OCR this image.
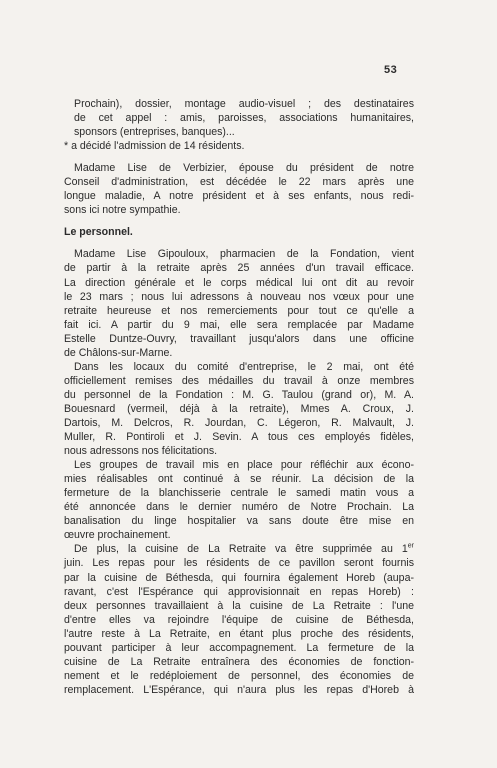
53
Prochain), dossier, montage audio-visuel ; des destinataires
de cet appel : amis, paroisses, associations humanitaires,
sponsors (entreprises, banques)...
* a décidé l'admission de 14 résidents.
Madame Lise de Verbizier, épouse du président de notre
Conseil d'administration, est décédée le 22 mars après une
longue maladie, A notre président et à ses enfants, nous redi-
sons ici notre sympathie.
Le personnel.
Madame Lise Gipouloux, pharmacien de la Fondation, vient
de partir à la retraite après 25 années d'un travail efficace.
La direction générale et le corps médical lui ont dit au revoir
le 23 mars ; nous lui adressons à nouveau nos vœux pour une
retraite heureuse et nos remerciements pour tout ce qu'elle a
fait ici. A partir du 9 mai, elle sera remplacée par Madame
Estelle Duntze-Ouvry, travaillant jusqu'alors dans une officine
de Châlons-sur-Marne.
Dans les locaux du comité d'entreprise, le 2 mai, ont été
officiellement remises des médailles du travail à onze membres
du personnel de la Fondation : M. G. Taulou (grand or), M. A.
Bouesnard (vermeil, déjà à la retraite), Mmes A. Croux, J.
Dartois, M. Delcros, R. Jourdan, C. Légeron, R. Malvault, J.
Muller, R. Pontiroli et J. Sevin. A tous ces employés fidèles,
nous adressons nos félicitations.
Les groupes de travail mis en place pour réfléchir aux écono-
mies réalisables ont continué à se réunir. La décision de la
fermeture de la blanchisserie centrale le samedi matin vous a
été annoncée dans le dernier numéro de Notre Prochain. La
banalisation du linge hospitalier va sans doute être mise en
œuvre prochainement.
De plus, la cuisine de La Retraite va être supprimée au 1er
juin. Les repas pour les résidents de ce pavillon seront fournis
par la cuisine de Béthesda, qui fournira également Horeb (aupa-
ravant, c'est l'Espérance qui approvisionnait en repas Horeb) :
deux personnes travaillaient à la cuisine de La Retraite : l'une
d'entre elles va rejoindre l'équipe de cuisine de Béthesda,
l'autre reste à La Retraite, en étant plus proche des résidents,
pouvant participer à leur accompagnement. La fermeture de la
cuisine de La Retraite entraînera des économies de fonction-
nement et le redéploiement de personnel, des économies de
remplacement. L'Espérance, qui n'aura plus les repas d'Horeb à
